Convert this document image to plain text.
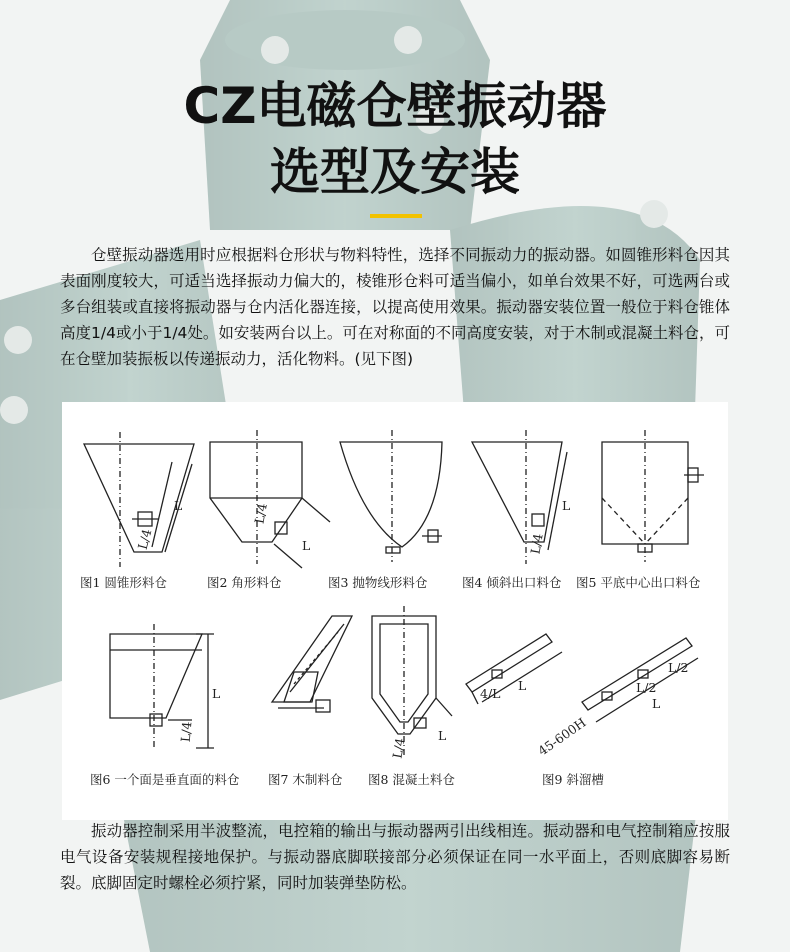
CZ电磁仓壁振动器
选型及安装

仓壁振动器选用时应根据料仓形状与物料特性，选择不同振动力的振动器。如圆锥形料仓因其表面刚度较大，可适当选择振动力偏大的，棱锥形仓料可适当偏小，如单台效果不好，可选两台或多台组装或直接将振动器与仓内活化器连接，以提高使用效果。振动器安装位置一般位于料仓锥体高度1/4或小于1/4处。如安装两台以上。可在对称面的不同高度安装，对于木制或混凝土料仓，可在仓壁加装振板以传递振动力，活化物料。(见下图)

L/4
L	L/4
L	L/4
L
L/4
L
L/4
L
4/L
L	L/2
L/2
L
45-600H
图1 圆锥形料仓	图2 角形料仓	图3 抛物线形料仓	图4 倾斜出口料仓 图5 平底中心出口料仓
图6 一个面是垂直面的料仓 图7 木制料仓 图8 混凝土料仓	图9 斜溜槽

振动器控制采用半波整流，电控箱的输出与振动器两引出线相连。振动器和电气控制箱应按服电气设备安装规程接地保护。与振动器底脚联接部分必须保证在同一水平面上，否则底脚容易断裂。底脚固定时螺栓必须拧紧，同时加装弹垫防松。
